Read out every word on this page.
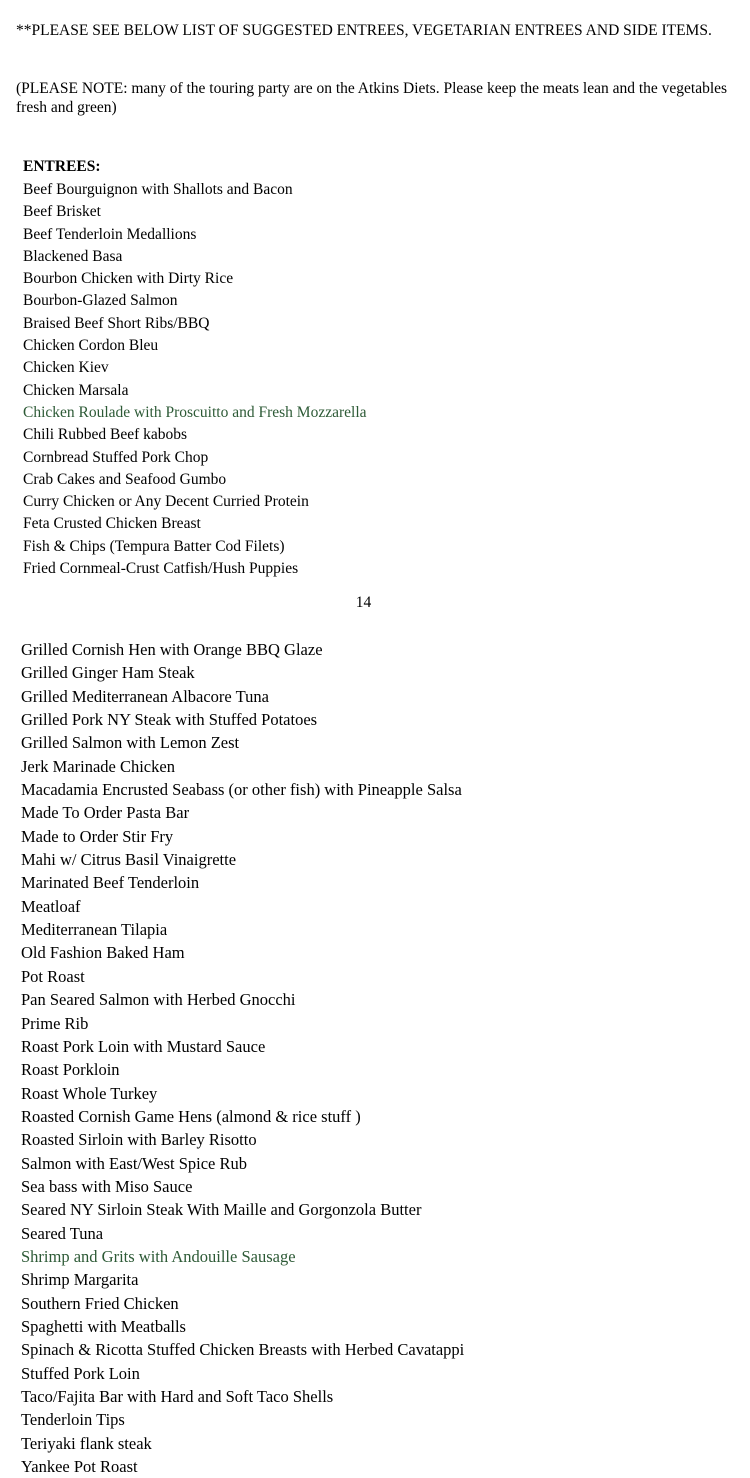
**PLEASE SEE BELOW LIST OF SUGGESTED ENTREES, VEGETARIAN ENTREES AND SIDE ITEMS.
(PLEASE NOTE: many of the touring party are on the Atkins Diets. Please keep the meats lean and the vegetables fresh and green)
ENTREES:
Beef Bourguignon with Shallots and Bacon
Beef Brisket
Beef Tenderloin Medallions
Blackened Basa
Bourbon Chicken with Dirty Rice
Bourbon-Glazed Salmon
Braised Beef Short Ribs/BBQ
Chicken Cordon Bleu
Chicken Kiev
Chicken Marsala
Chicken Roulade with Proscuitto and Fresh Mozzarella
Chili Rubbed Beef kabobs
Cornbread Stuffed Pork Chop
Crab Cakes and Seafood Gumbo
Curry Chicken or Any Decent Curried Protein
Feta Crusted Chicken Breast
Fish & Chips (Tempura Batter Cod Filets)
Fried Cornmeal-Crust Catfish/Hush Puppies
14
Grilled Cornish Hen with Orange BBQ Glaze
Grilled Ginger Ham Steak
Grilled Mediterranean Albacore Tuna
Grilled Pork NY Steak with Stuffed Potatoes
Grilled Salmon with Lemon Zest
Jerk Marinade Chicken
Macadamia Encrusted Seabass (or other fish) with Pineapple Salsa
Made To Order Pasta Bar
Made to Order Stir Fry
Mahi w/ Citrus Basil Vinaigrette
Marinated Beef Tenderloin
Meatloaf
Mediterranean Tilapia
Old Fashion Baked Ham
Pot Roast
Pan Seared Salmon with Herbed Gnocchi
Prime Rib
Roast Pork Loin with Mustard Sauce
Roast Porkloin
Roast Whole Turkey
Roasted Cornish Game Hens (almond & rice stuff )
Roasted Sirloin with Barley Risotto
Salmon with East/West Spice Rub
Sea bass with Miso Sauce
Seared NY Sirloin Steak With Maille and Gorgonzola Butter
Seared Tuna
Shrimp and Grits with Andouille Sausage
Shrimp Margarita
Southern Fried Chicken
Spaghetti with Meatballs
Spinach & Ricotta Stuffed Chicken Breasts with Herbed Cavatappi
Stuffed Pork Loin
Taco/Fajita Bar with Hard and Soft Taco Shells
Tenderloin Tips
Teriyaki flank steak
Yankee Pot Roast
